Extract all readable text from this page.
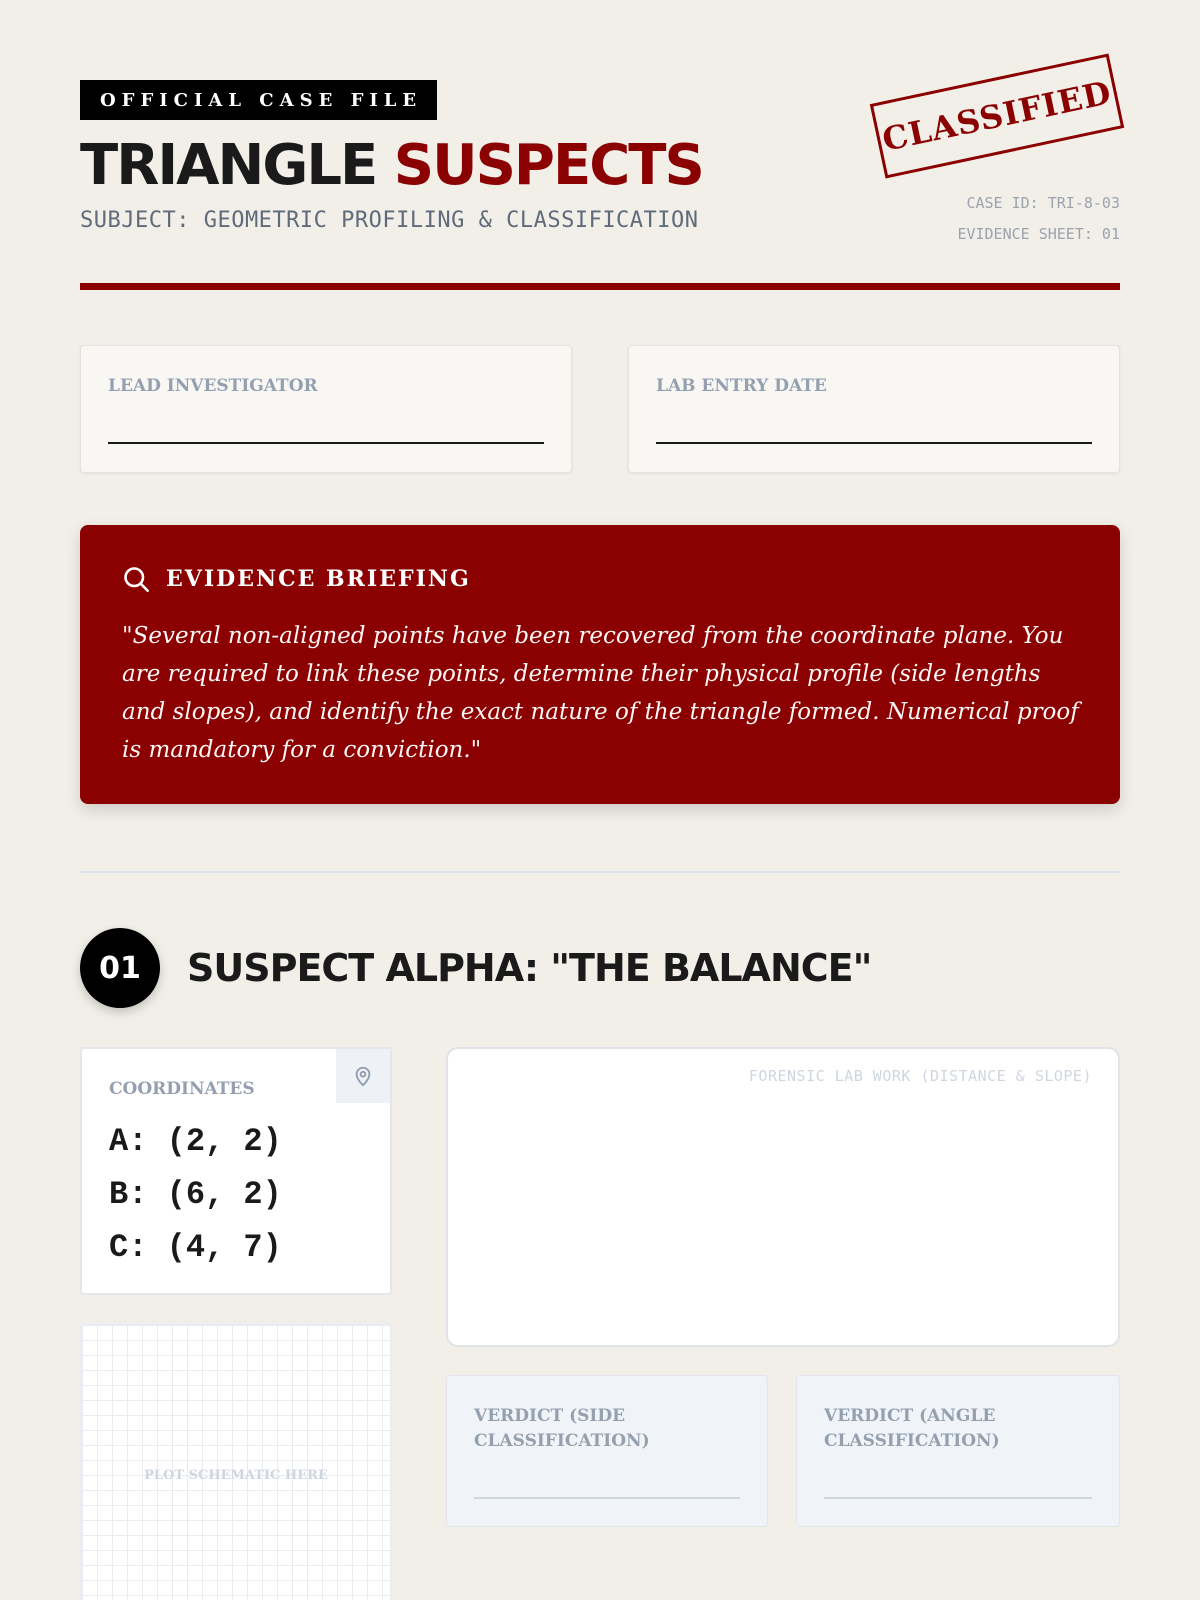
OFFICIAL CASE FILE
TRIANGLE SUSPECTS
SUBJECT: GEOMETRIC PROFILING & CLASSIFICATION
CLASSIFIED
CASE ID: TRI-8-03
EVIDENCE SHEET: 01
LEAD INVESTIGATOR	LAB ENTRY DATE
EVIDENCE BRIEFING
"Several non-aligned points have been recovered from the coordinate plane. You are required to link these points, determine their physical profile (side lengths and slopes), and identify the exact nature of the triangle formed. Numerical proof is mandatory for a conviction."
01	SUSPECT ALPHA: "THE BALANCE"
COORDINATES
A: (2, 2)
B: (6, 2)
C: (4, 7)
PLOT SCHEMATIC HERE
FORENSIC LAB WORK (DISTANCE & SLOPE)
VERDICT (SIDE CLASSIFICATION)
VERDICT (ANGLE CLASSIFICATION)
